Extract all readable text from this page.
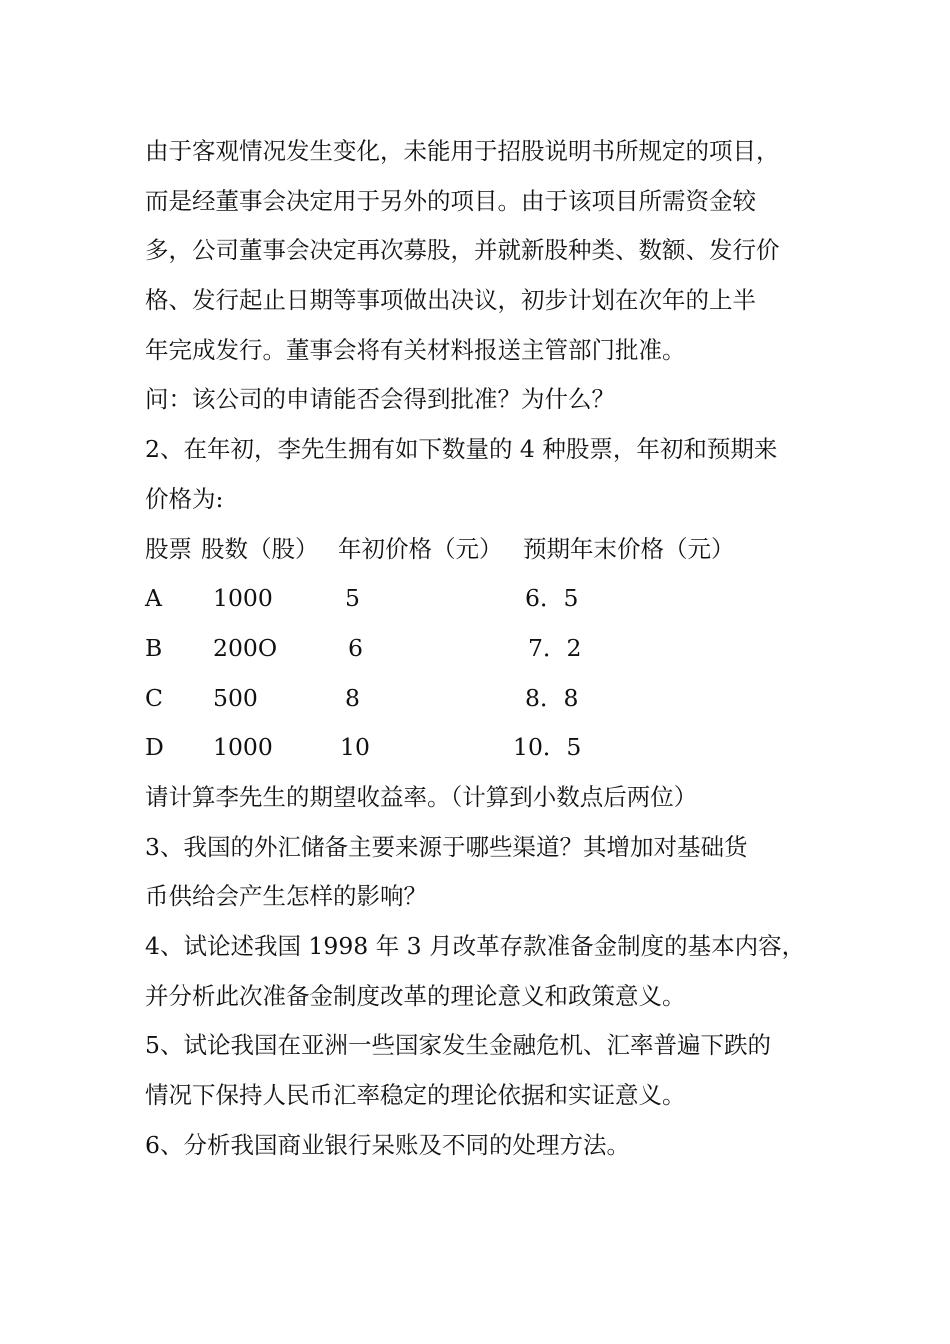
由于客观情况发生变化，未能用于招股说明书所规定的项目，
而是经董事会决定用于另外的项目。由于该项目所需资金较
多，公司董事会决定再次募股，并就新股种类、数额、发行价
格、发行起止日期等事项做出决议，初步计划在次年的上半
年完成发行。董事会将有关材料报送主管部门批准。
问：该公司的申请能否会得到批准？为什么？
2、在年初，李先生拥有如下数量的 4 种股票，年初和预期来
价格为:
股票 股数（股） 年初价格（元） 预期年末价格（元）
A 1000	5	6．5
B 200O	6	7．2
C 500	8	8．8
D 1000	10	10．5
请计算李先生的期望收益率。（计算到小数点后两位）
3、我国的外汇储备主要来源于哪些渠道？其增加对基础货
币供给会产生怎样的影响？
4、试论述我国 1998 年 3 月改革存款准备金制度的基本内容，
并分析此次准备金制度改革的理论意义和政策意义。
5、试论我国在亚洲一些国家发生金融危机、汇率普遍下跌的
情况下保持人民币汇率稳定的理论依据和实证意义。
6、分析我国商业银行呆账及不同的处理方法。
